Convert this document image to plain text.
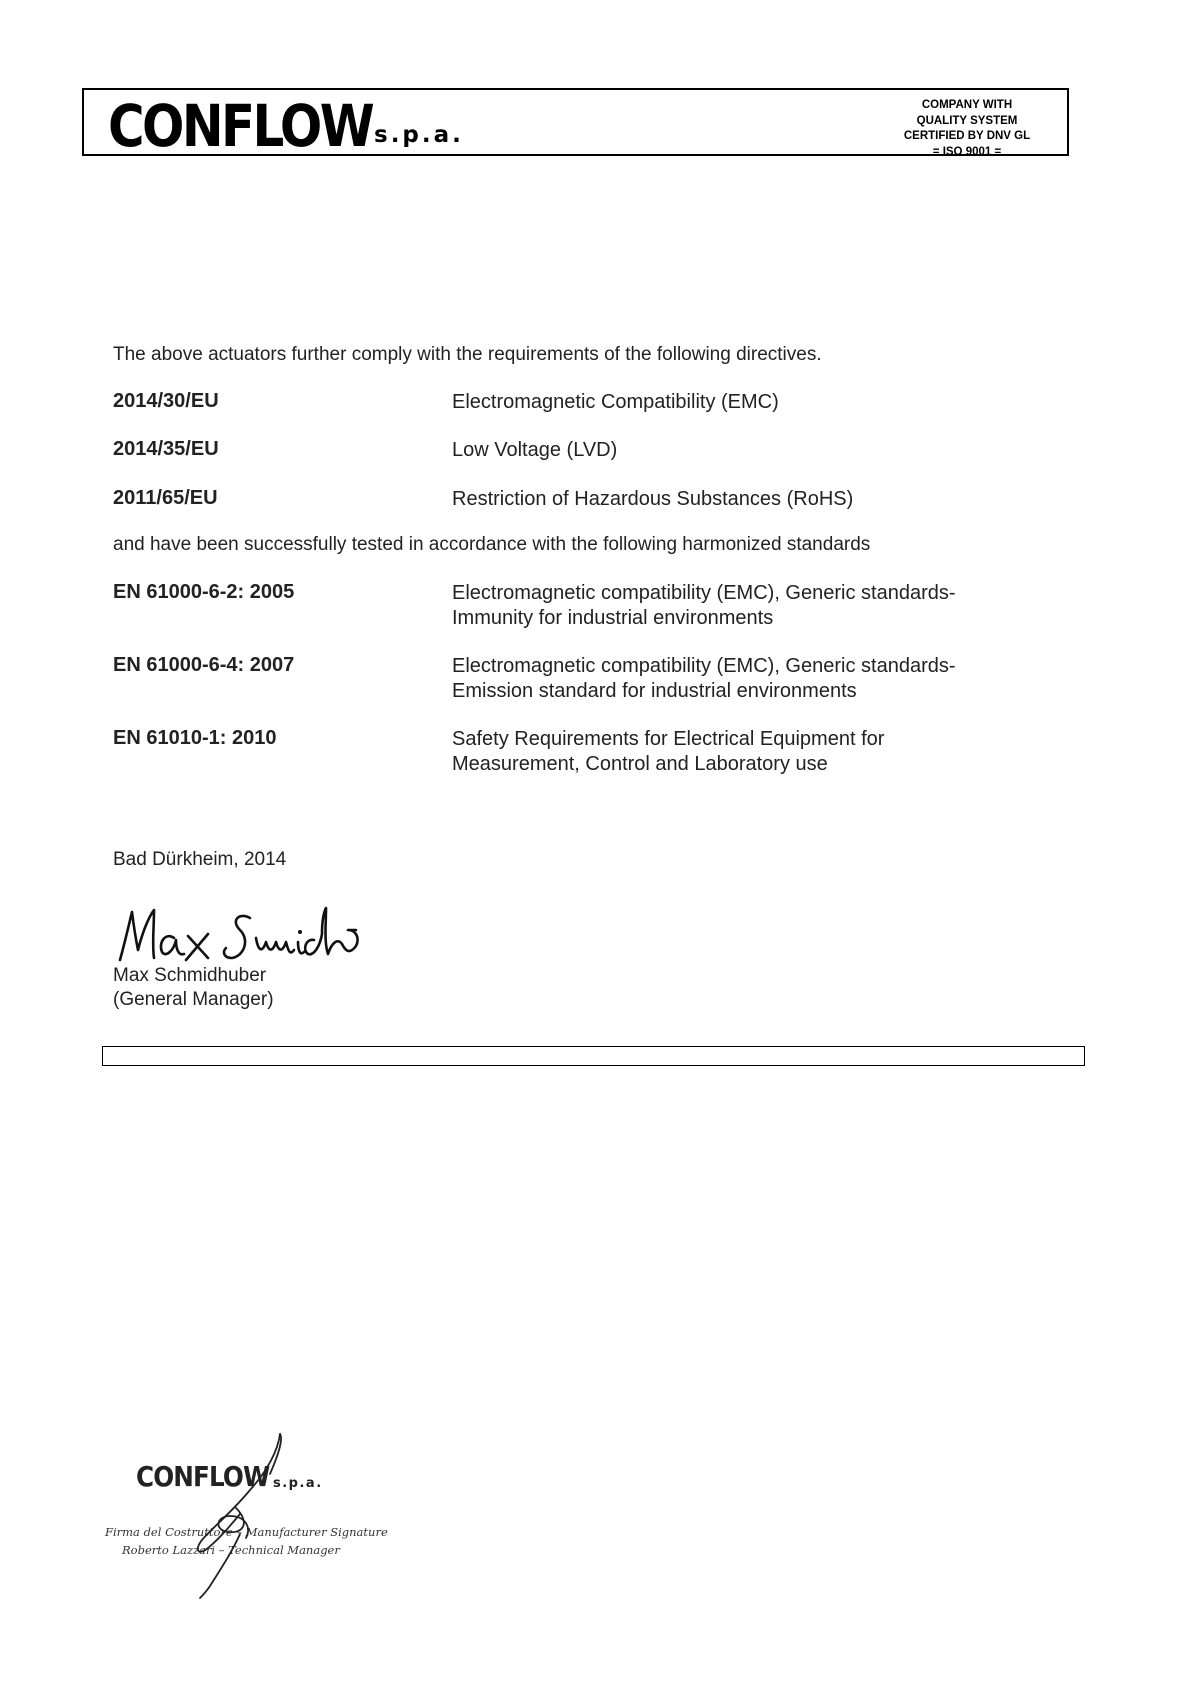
CONFLOW s.p.a.
COMPANY WITH
QUALITY SYSTEM
CERTIFIED BY DNV GL
= ISO 9001 =
The above actuators further comply with the requirements of the following directives.
2014/30/EU	Electromagnetic Compatibility (EMC)
2014/35/EU	Low Voltage (LVD)
2011/65/EU	Restriction of Hazardous Substances (RoHS)
and have been successfully tested in accordance with the following harmonized standards
EN 61000-6-2: 2005	Electromagnetic compatibility (EMC), Generic standards-
Immunity for industrial environments
EN 61000-6-4: 2007	Electromagnetic compatibility (EMC), Generic standards-
Emission standard for industrial environments
EN 61010-1: 2010	Safety Requirements for Electrical Equipment for
Measurement, Control and Laboratory use
Bad Dürkheim, 2014
Max Schmidhuber
(General Manager)
CONFLOW s.p.a.
Firma del Costruttore – Manufacturer Signature
Roberto Lazzari – Technical Manager
